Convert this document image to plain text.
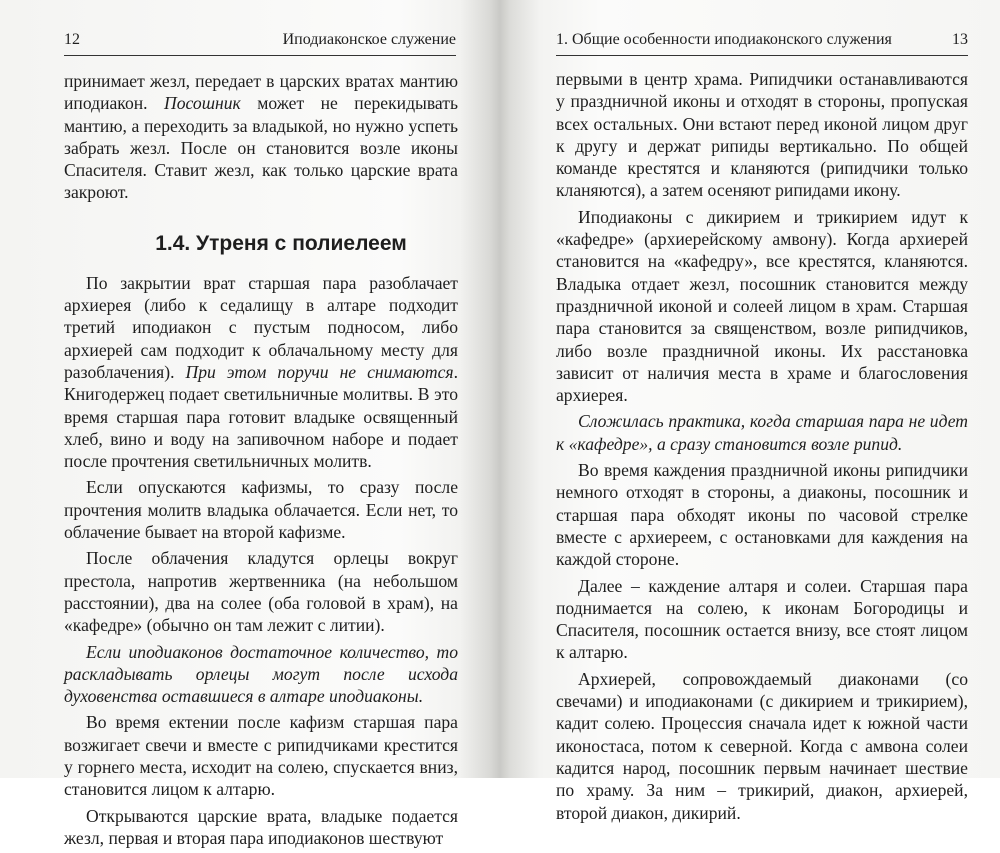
12	Иподиаконское служение

принимает жезл, передает в царских вратах мантию иподиакон. Посошник может не перекидывать мантию, а переходить за владыкой, но нужно успеть забрать жезл. После он становится возле иконы Спасителя. Ставит жезл, как только царские врата закроют.

1.4. Утреня с полиелеем

По закрытии врат старшая пара разоблачает архиерея (либо к седалищу в алтаре подходит третий иподиакон с пустым подносом, либо архиерей сам подходит к облачальному месту для разоблачения). При этом поручи не снимаются. Книгодержец подает светильничные молитвы. В это время старшая пара готовит владыке освященный хлеб, вино и воду на запивочном наборе и подает после прочтения светильничных молитв.

Если опускаются кафизмы, то сразу после прочтения молитв владыка облачается. Если нет, то облачение бывает на второй кафизме.

После облачения кладутся орлецы вокруг престола, напротив жертвенника (на небольшом расстоянии), два на солее (оба головой в храм), на «кафедре» (обычно он там лежит с литии).

Если иподиаконов достаточное количество, то раскладывать орлецы могут после исхода духовенства оставшиеся в алтаре иподиаконы.

Во время ектении после кафизм старшая пара возжигает свечи и вместе с рипидчиками крестится у горнего места, исходит на солею, спускается вниз, становится лицом к алтарю.

Открываются царские врата, владыке подается жезл, первая и вторая пара иподиаконов шествуют

1. Общие особенности иподиаконского служения	13

первыми в центр храма. Рипидчики останавливаются у праздничной иконы и отходят в стороны, пропуская всех остальных. Они встают перед иконой лицом друг к другу и держат рипиды вертикально. По общей команде крестятся и кланяются (рипидчики только кланяются), а затем осеняют рипидами икону.

Иподиаконы с дикирием и трикирием идут к «кафедре» (архиерейскому амвону). Когда архиерей становится на «кафедру», все крестятся, кланяются. Владыка отдает жезл, посошник становится между праздничной иконой и солеей лицом в храм. Старшая пара становится за священством, возле рипидчиков, либо возле праздничной иконы. Их расстановка зависит от наличия места в храме и благословения архиерея.

Сложилась практика, когда старшая пара не идет к «кафедре», а сразу становится возле рипид.

Во время каждения праздничной иконы рипидчики немного отходят в стороны, а диаконы, посошник и старшая пара обходят иконы по часовой стрелке вместе с архиереем, с остановками для каждения на каждой стороне.

Далее – каждение алтаря и солеи. Старшая пара поднимается на солею, к иконам Богородицы и Спасителя, посошник остается внизу, все стоят лицом к алтарю.

Архиерей, сопровождаемый диаконами (со свечами) и иподиаконами (с дикирием и трикирием), кадит солею. Процессия сначала идет к южной части иконостаса, потом к северной. Когда с амвона солеи кадится народ, посошник первым начинает шествие по храму. За ним – трикирий, диакон, архиерей, второй диакон, дикирий.
